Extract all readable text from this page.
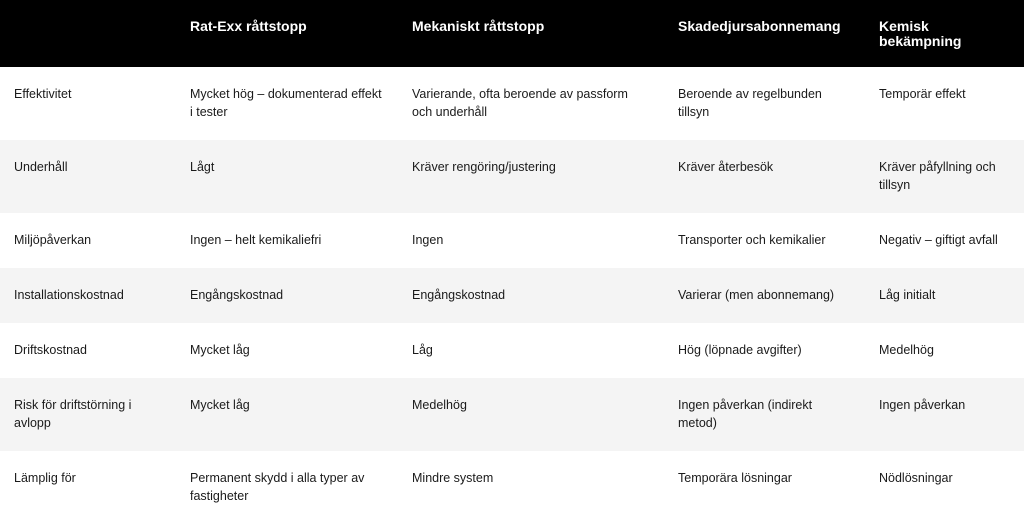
	Rat-Exx råttstopp	Mekaniskt råttstopp	Skadedjursabonnemang	Kemisk bekämpning
Effektivitet	Mycket hög – dokumenterad effekt i tester	Varierande, ofta beroende av passform och underhåll	Beroende av regelbunden tillsyn	Temporär effekt
Underhåll	Lågt	Kräver rengöring/justering	Kräver återbesök	Kräver påfyllning och tillsyn
Miljöpåverkan	Ingen – helt kemikaliefri	Ingen	Transporter och kemikalier	Negativ – giftigt avfall
Installationskostnad	Engångskostnad	Engångskostnad	Varierar (men abonnemang)	Låg initialt
Driftskostnad	Mycket låg	Låg	Hög (löpnade avgifter)	Medelhög
Risk för driftstörning i avlopp	Mycket låg	Medelhög	Ingen påverkan (indirekt metod)	Ingen påverkan
Lämplig för	Permanent skydd i alla typer av fastigheter	Mindre system	Temporära lösningar	Nödlösningar
